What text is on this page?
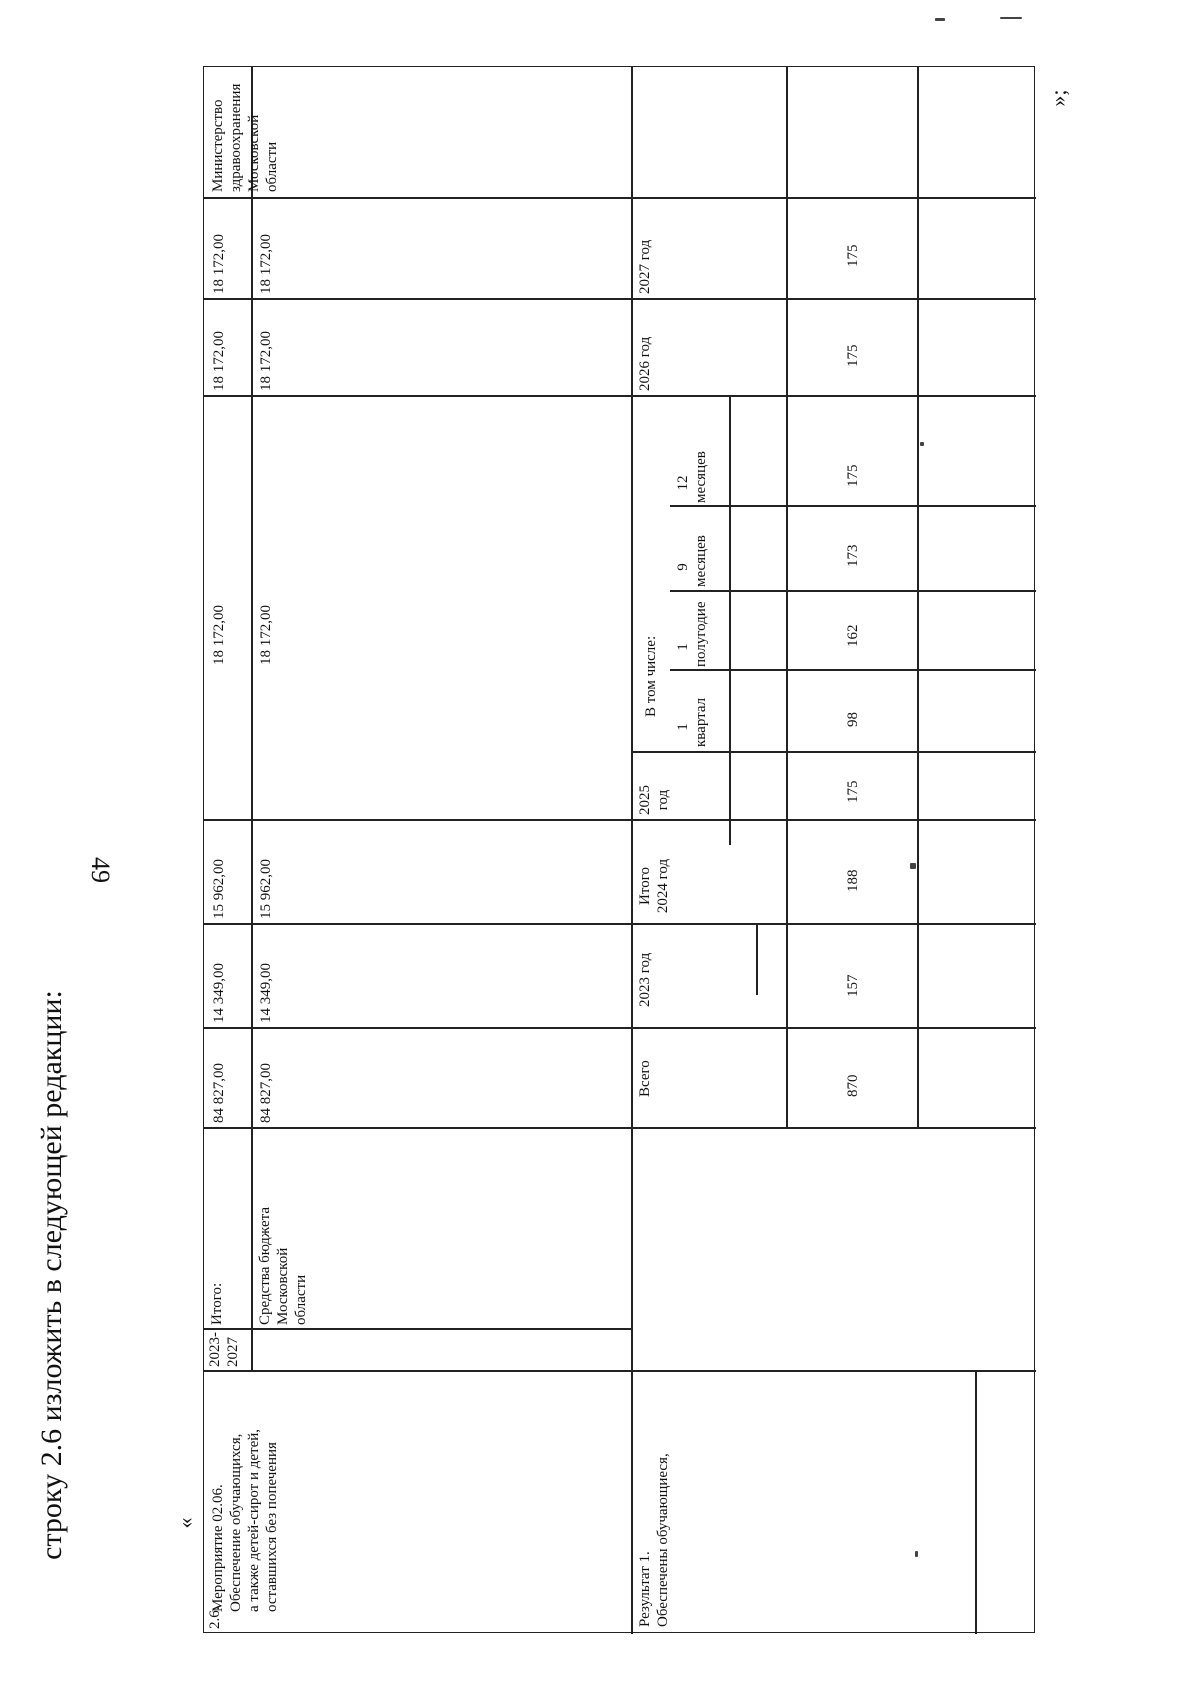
49
строку 2.6 изложить в следующей редакции:	«
»;
2.6.
Мероприятие 02.06. Обеспечение обучающихся, а также детей-сирот и детей, оставшихся без попечения
2023-2027
Итого: Средства бюджета Московской области
84 827,00
14 349,00
15 962,00
18 172,00
18 172,00
18 172,00
84 827,00
14 349,00
15 962,00
18 172,00
18 172,00
18 172,00
Министерство здравоохранения Московской области
Результат 1. Обеспечены обучающиеся,
Всего
2023 год
Итого 2024 год
2025 год
В том числе:
1 квартал
1 полугодие
9 месяцев
12 месяцев
2026 год
2027 год
870
157
188
175
98
162
173
175
175
175
